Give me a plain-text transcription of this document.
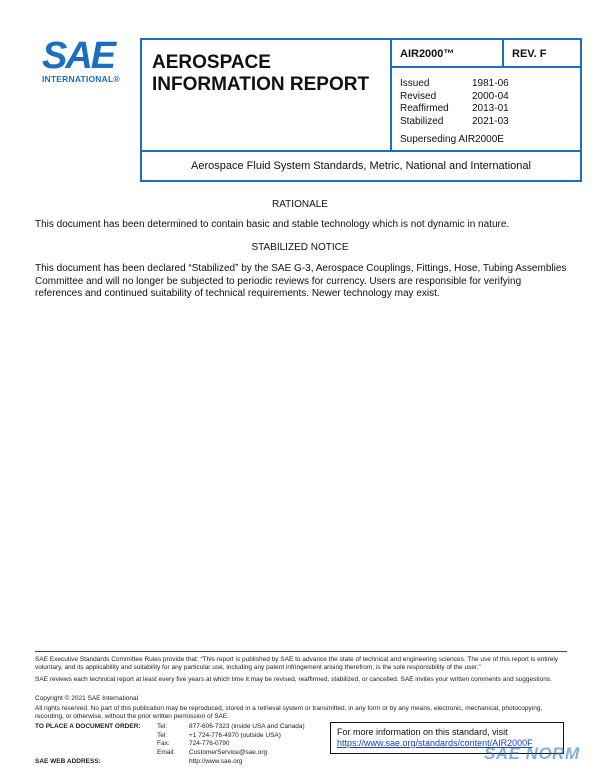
SAE
INTERNATIONAL®
AEROSPACE
INFORMATION REPORT
AIR2000™	REV. F
Issued	1981-06
Revised	2000-04
Reaffirmed 2013-01
Stabilized	2021-03
Superseding AIR2000E
Aerospace Fluid System Standards, Metric, National and International
RATIONALE
This document has been determined to contain basic and stable technology which is not dynamic in nature.
STABILIZED NOTICE
This document has been declared “Stabilized” by the SAE G-3, Aerospace Couplings, Fittings, Hose, Tubing Assemblies Committee and will no longer be subjected to periodic reviews for currency. Users are responsible for verifying references and continued suitability of technical requirements. Newer technology may exist.
SAE Executive Standards Committee Rules provide that: “This report is published by SAE to advance the state of technical and engineering sciences. The use of this report is entirely voluntary, and its applicability and suitability for any particular use, including any patent infringement arising therefrom, is the sole responsibility of the user.”
SAE reviews each technical report at least every five years at which time it may be revised, reaffirmed, stabilized, or cancelled. SAE invites your written comments and suggestions.
Copyright © 2021 SAE International
All rights reserved. No part of this publication may be reproduced, stored in a retrieval system or transmitted, in any form or by any means, electronic, mechanical, photocopying, recording, or otherwise, without the prior written permission of SAE.
TO PLACE A DOCUMENT ORDER:	Tel:	877-606-7323 (inside USA and Canada)
Tel:	+1 724-776-4970 (outside USA)
Fax:	724-776-0790
Email: CustomerService@sae.org
SAE WEB ADDRESS:	http://www.sae.org
For more information on this standard, visit
https://www.sae.org/standards/content/AIR2000F
SAE NORM
